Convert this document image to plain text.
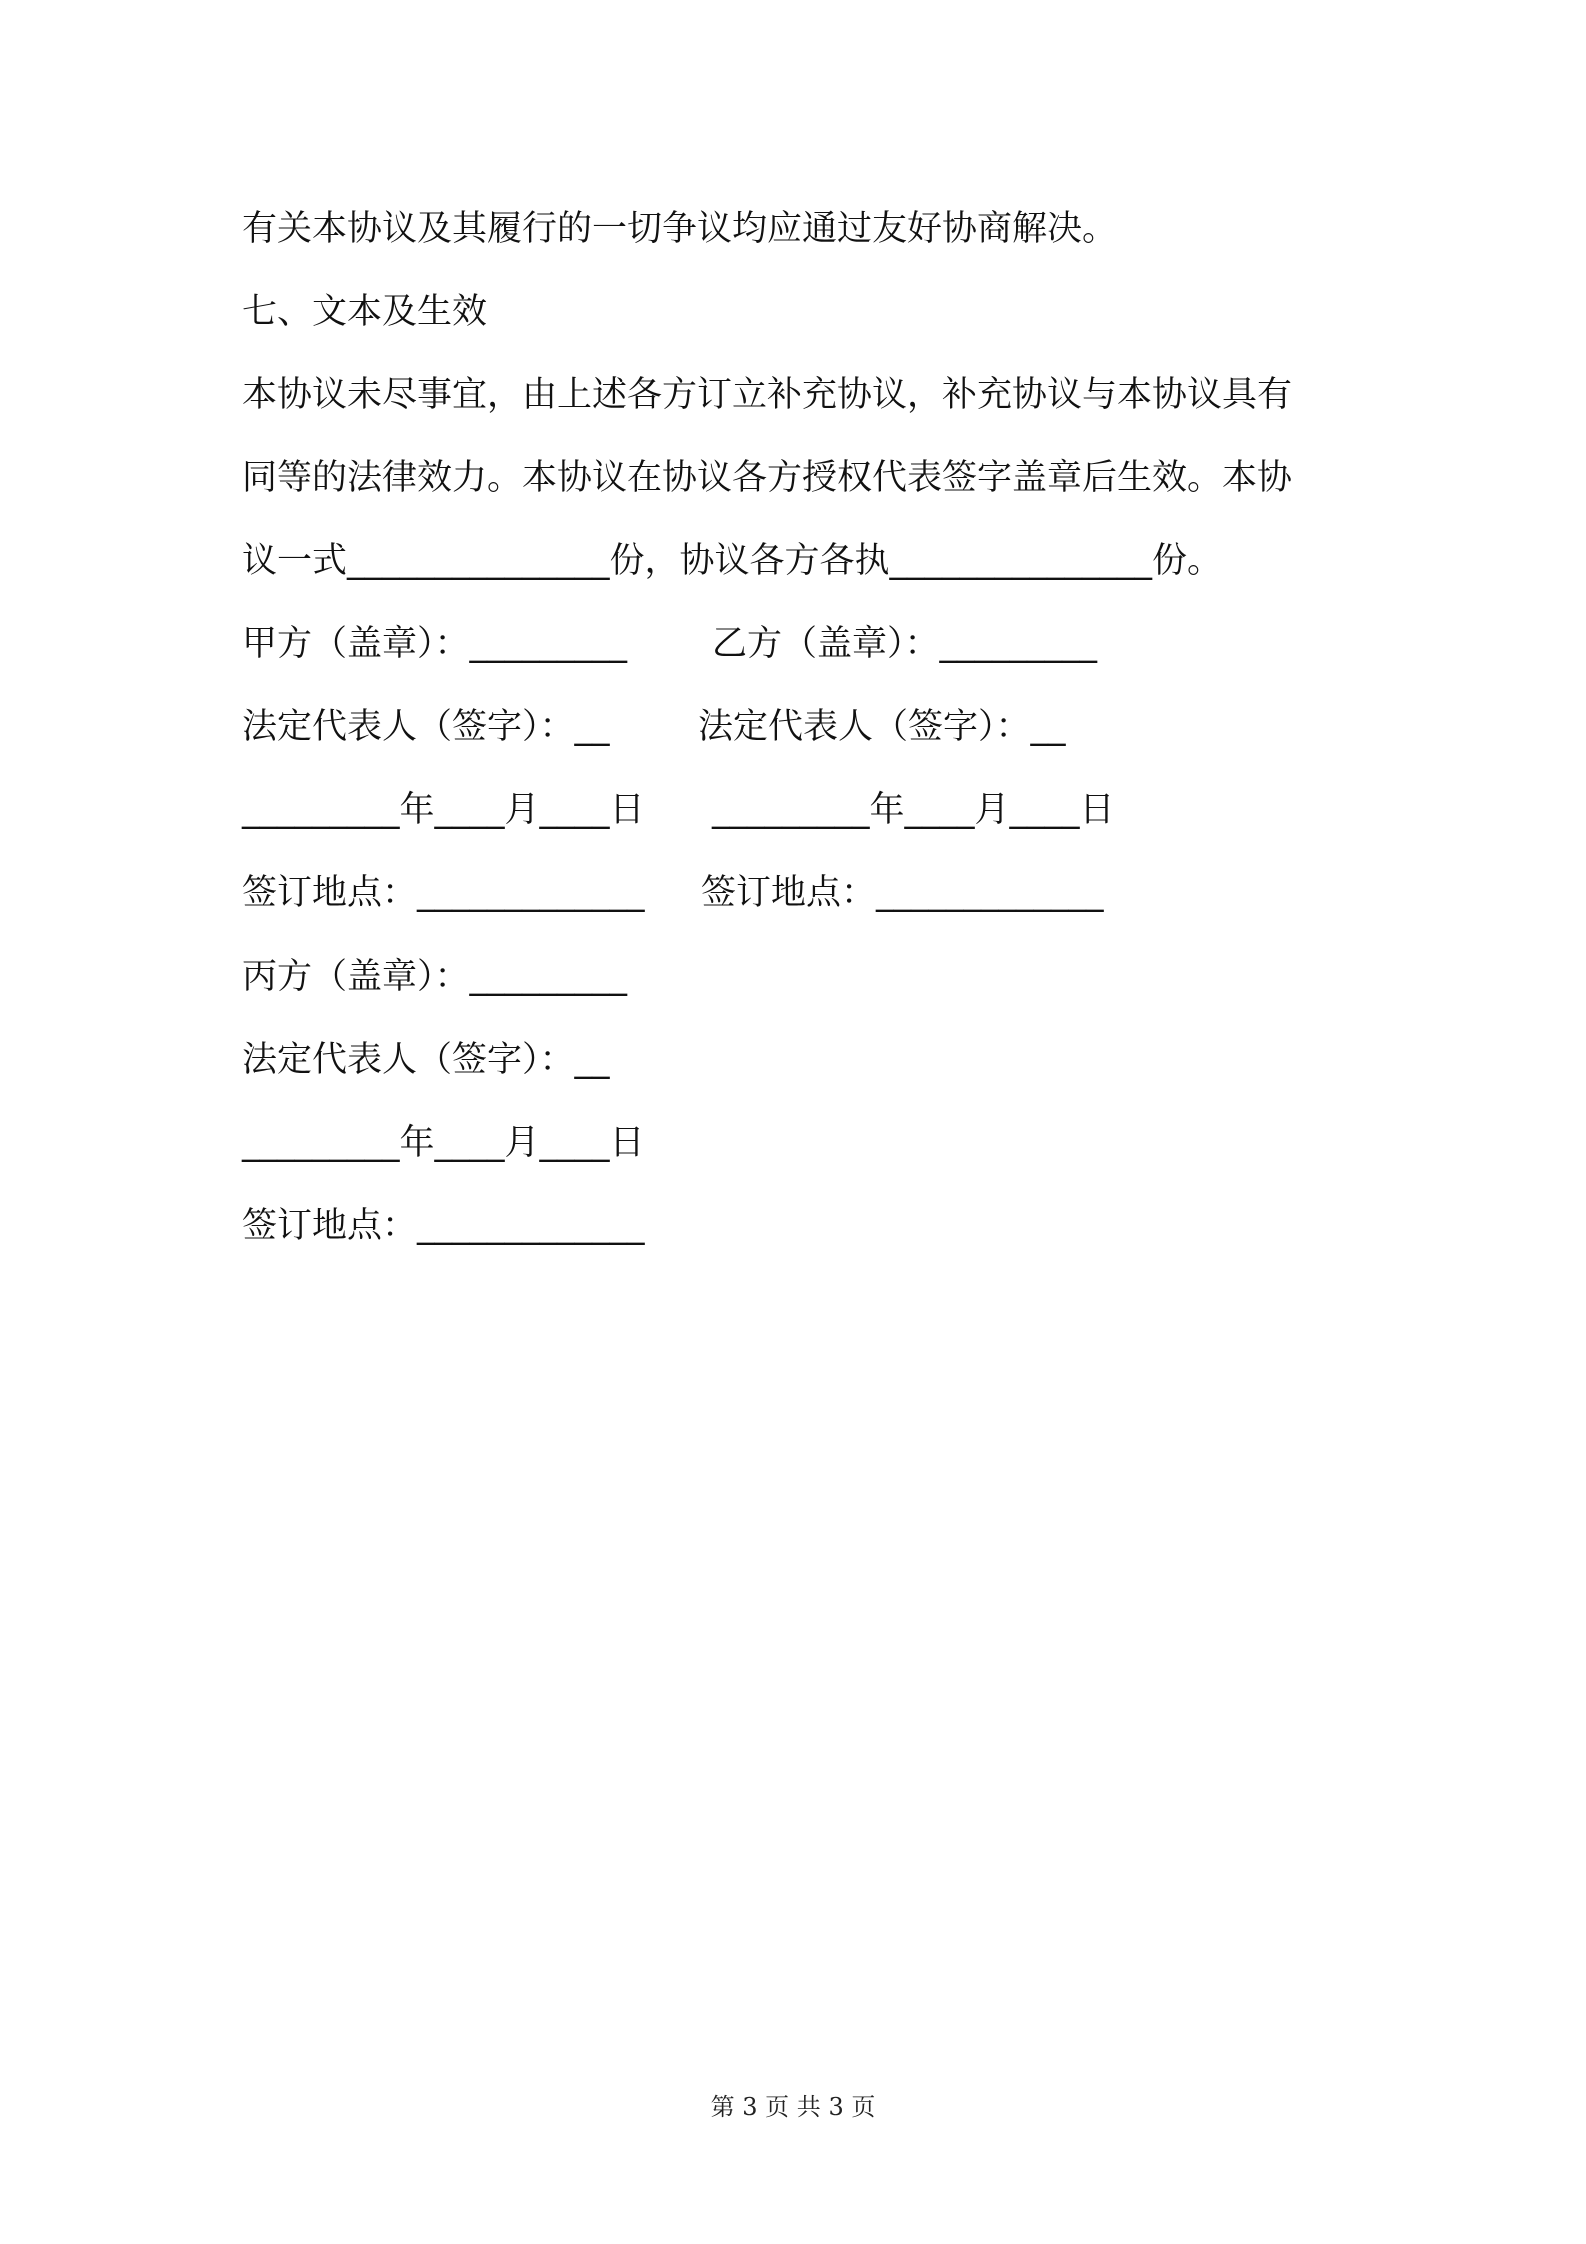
有关本协议及其履行的一切争议均应通过友好协商解决。
七、文本及生效
本协议未尽事宜，由上述各方订立补充协议，补充协议与本协议具有
同等的法律效力。本协议在协议各方授权代表签字盖章后生效。本协
议一式_______________份，协议各方各执_______________份。
甲方（盖章）：_________ 乙方（盖章）：_________
法定代表人（签字）：__	法定代表人（签字）：__
_________年____月____日 _________年____月____日
签订地点：_____________ 签订地点：_____________
丙方（盖章）：_________
法定代表人（签字）：__
_________年____月____日
签订地点：_____________
第 3 页 共 3 页
